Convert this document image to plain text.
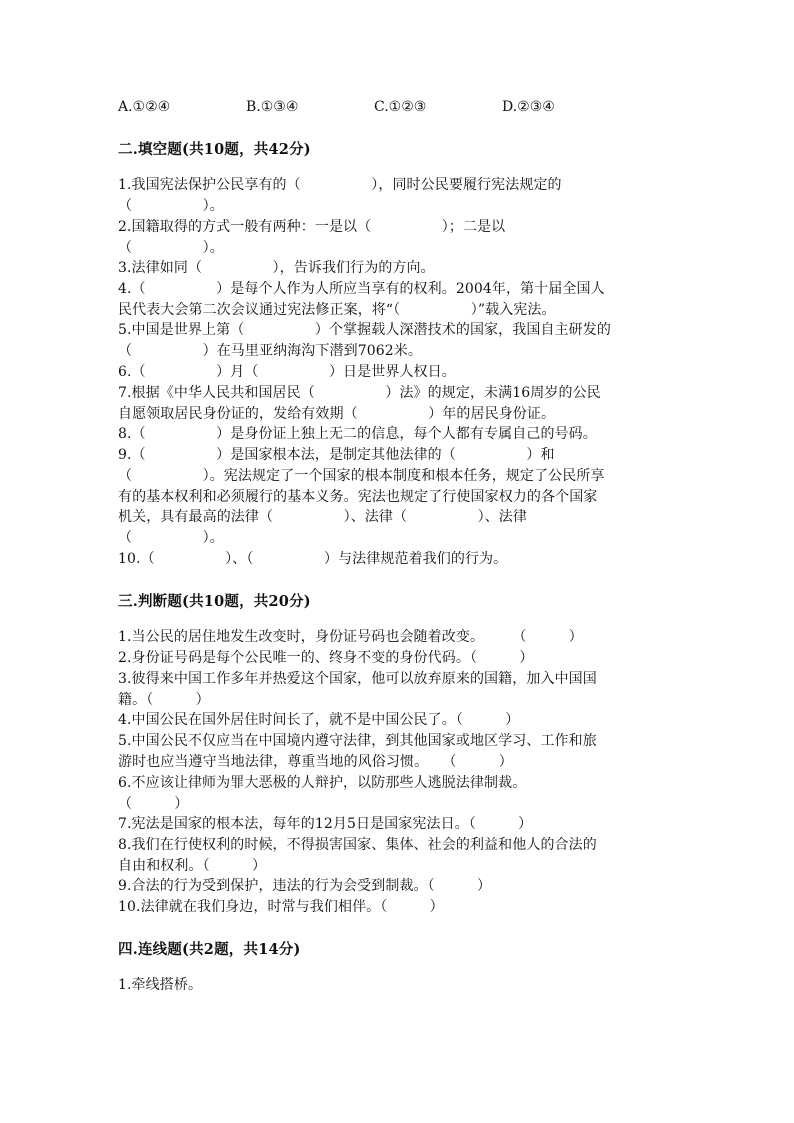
A.①②④	B.①③④	C.①②③	D.②③④
二.填空题(共10题，共42分)
1.我国宪法保护公民享有的（　　　　　），同时公民要履行宪法规定的
（　　　　　）。
2.国籍取得的方式一般有两种：一是以（　　　　　）；二是以
（　　　　　）。
3.法律如同（　　　　　），告诉我们行为的方向。
4.（　　　　　）是每个人作为人所应当享有的权利。2004年，第十届全国人
民代表大会第二次会议通过宪法修正案，将“（　　　　　）”载入宪法。
5.中国是世界上第（　　　　　）个掌握载人深潜技术的国家，我国自主研发的
（　　　　　）在马里亚纳海沟下潜到7062米。
6.（　　　　　）月（　　　　　）日是世界人权日。
7.根据《中华人民共和国居民（　　　　　）法》的规定，未满16周岁的公民
自愿领取居民身份证的，发给有效期（　　　　　）年的居民身份证。
8.（　　　　　）是身份证上独上无二的信息，每个人都有专属自己的号码。
9.（　　　　　）是国家根本法，是制定其他法律的（　　　　　）和
（　　　　　）。宪法规定了一个国家的根本制度和根本任务，规定了公民所享
有的基本权利和必须履行的基本义务。宪法也规定了行使国家权力的各个国家
机关，具有最高的法律（　　　　　）、法律（　　　　　）、法律
（　　　　　）。
10.（　　　　　）、（　　　　　）与法律规范着我们的行为。
三.判断题(共10题，共20分)
1.当公民的居住地发生改变时，身份证号码也会随着改变。　　　（　　　）
2.身份证号码是每个公民唯一的、终身不变的身份代码。（　　　）
3.彼得来中国工作多年并热爱这个国家，他可以放弃原来的国籍，加入中国国
籍。（　　　）
4.中国公民在国外居住时间长了，就不是中国公民了。（　　　）
5.中国公民不仅应当在中国境内遵守法律，到其他国家或地区学习、工作和旅
游时也应当遵守当地法律，尊重当地的风俗习惯。　　（　　　）
6.不应该让律师为罪大恶极的人辩护，以防那些人逃脱法律制裁。
（　　　）
7.宪法是国家的根本法，每年的12月5日是国家宪法日。（　　　）
8.我们在行使权利的时候，不得损害国家、集体、社会的利益和他人的合法的
自由和权利。（　　　）
9.合法的行为受到保护，违法的行为会受到制裁。（　　　）
10.法律就在我们身边，时常与我们相伴。（　　　）
四.连线题(共2题，共14分)
1.牵线搭桥。
